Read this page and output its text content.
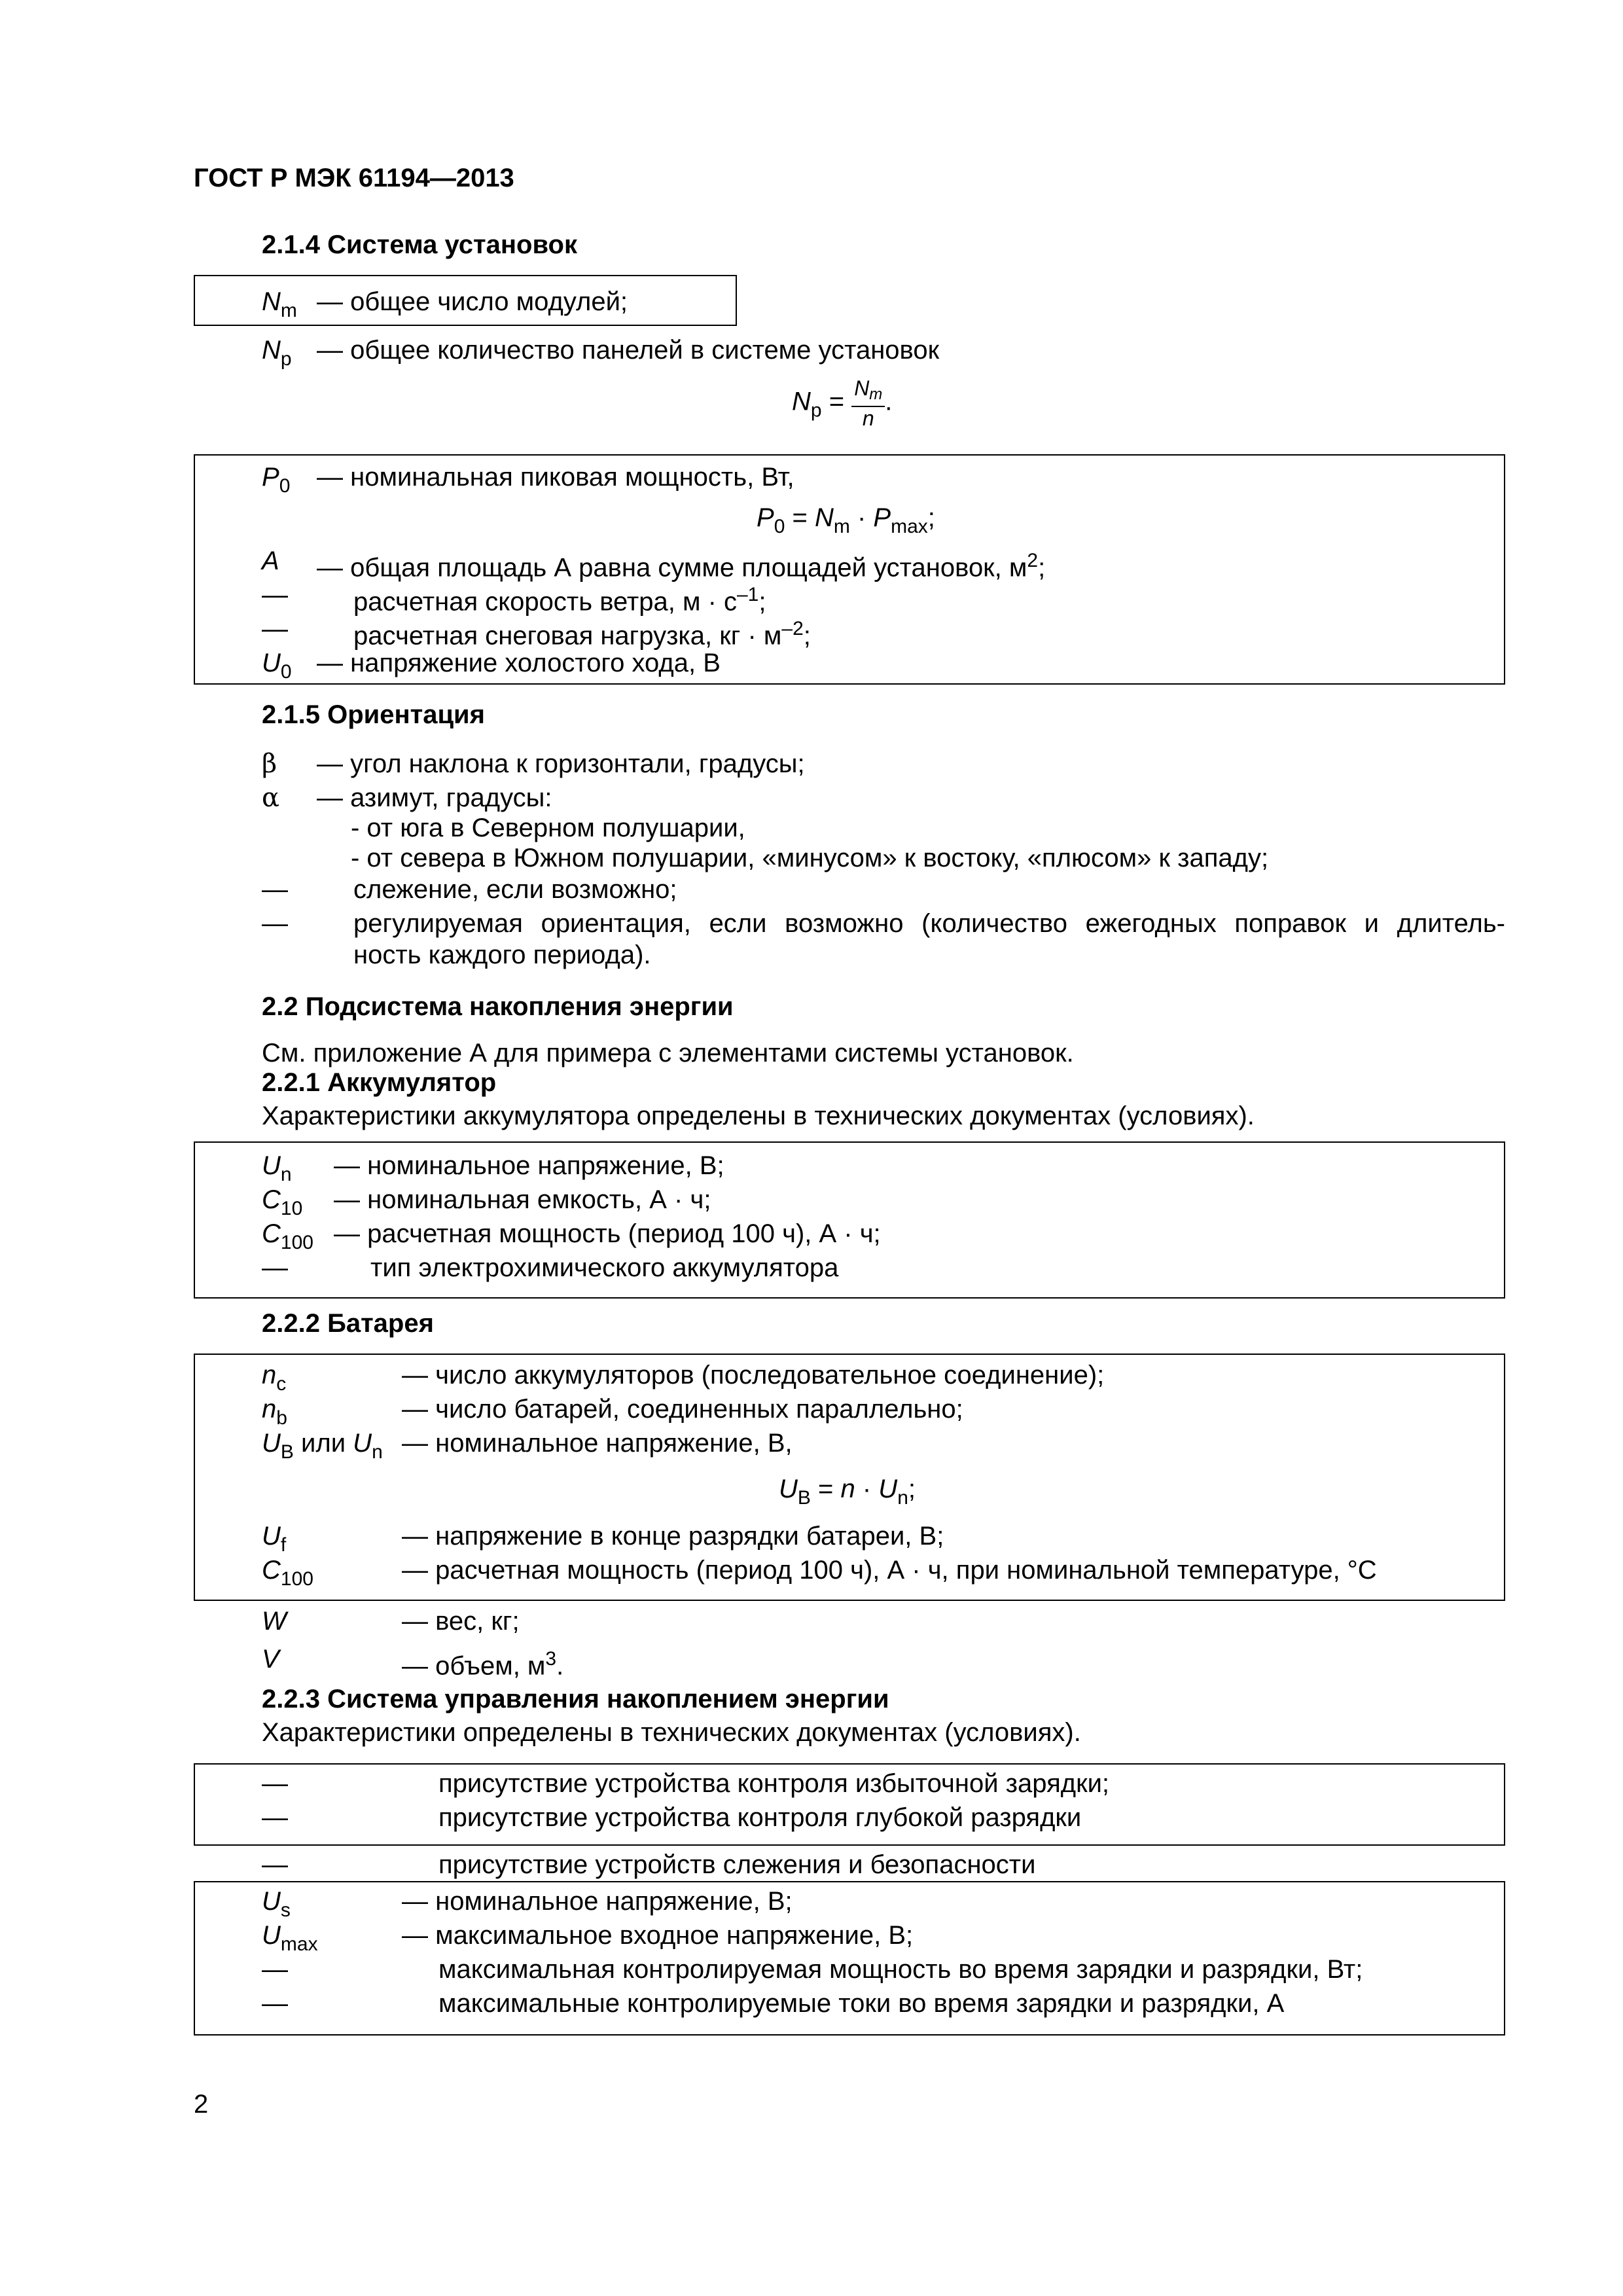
ГОСТ Р МЭК 61194—2013
2.1.4 Система установок
$N_m$ — общее число модулей;
$N_p$ — общее количество панелей в системе установок
$N_p = \frac{N_m}{n}$ .
$P_0$ — номинальная пиковая мощность, Вт,
$P_0 = N_m \cdot P_{max}$;
A — общая площадь А равна сумме площадей установок, $м^2$;
—	расчетная скорость ветра, $м \cdot с^{-1}$;
—	расчетная снеговая нагрузка, кг · $м^{-2}$;
$U_0$ — напряжение холостого хода, В
2.1.5 Ориентация
β — угол наклона к горизонтали, градусы;
α — азимут, градусы:
- от юга в Северном полушарии,
- от севера в Южном полушарии, «минусом» к востоку, «плюсом» к западу;
—	слежение, если возможно;
—	регулируемая ориентация, если возможно (количество ежегодных поправок и длитель-
ность каждого периода).
2.2 Подсистема накопления энергии
См. приложение А для примера с элементами системы установок.
2.2.1 Аккумулятор
Характеристики аккумулятора определены в технических документах (условиях).
$U_n$ — номинальное напряжение, В;
$C_{10}$ — номинальная емкость, А · ч;
$C_{100}$ — расчетная мощность (период 100 ч), А · ч;
—	тип электрохимического аккумулятора
2.2.2 Батарея
$n_c$	— число аккумуляторов (последовательное соединение);
$n_b$	— число батарей, соединенных параллельно;
$U_B$ или $U_n$ — номинальное напряжение, В,
$U_B = n \cdot U_n$;
$U_f$	— напряжение в конце разрядки батареи, В;
$C_{100}$	— расчетная мощность (период 100 ч), А · ч, при номинальной температуре, °С
W	— вес, кг;
V	— объем, $м^3$.
2.2.3 Система управления накоплением энергии
Характеристики определены в технических документах (условиях).
—	присутствие устройства контроля избыточной зарядки;
—	присутствие устройства контроля глубокой разрядки
—	присутствие устройств слежения и безопасности
$U_s$	— номинальное напряжение, В;
$U_{max}$	— максимальное входное напряжение, В;
—	максимальная контролируемая мощность во время зарядки и разрядки, Вт;
—	максимальные контролируемые токи во время зарядки и разрядки, А
2
